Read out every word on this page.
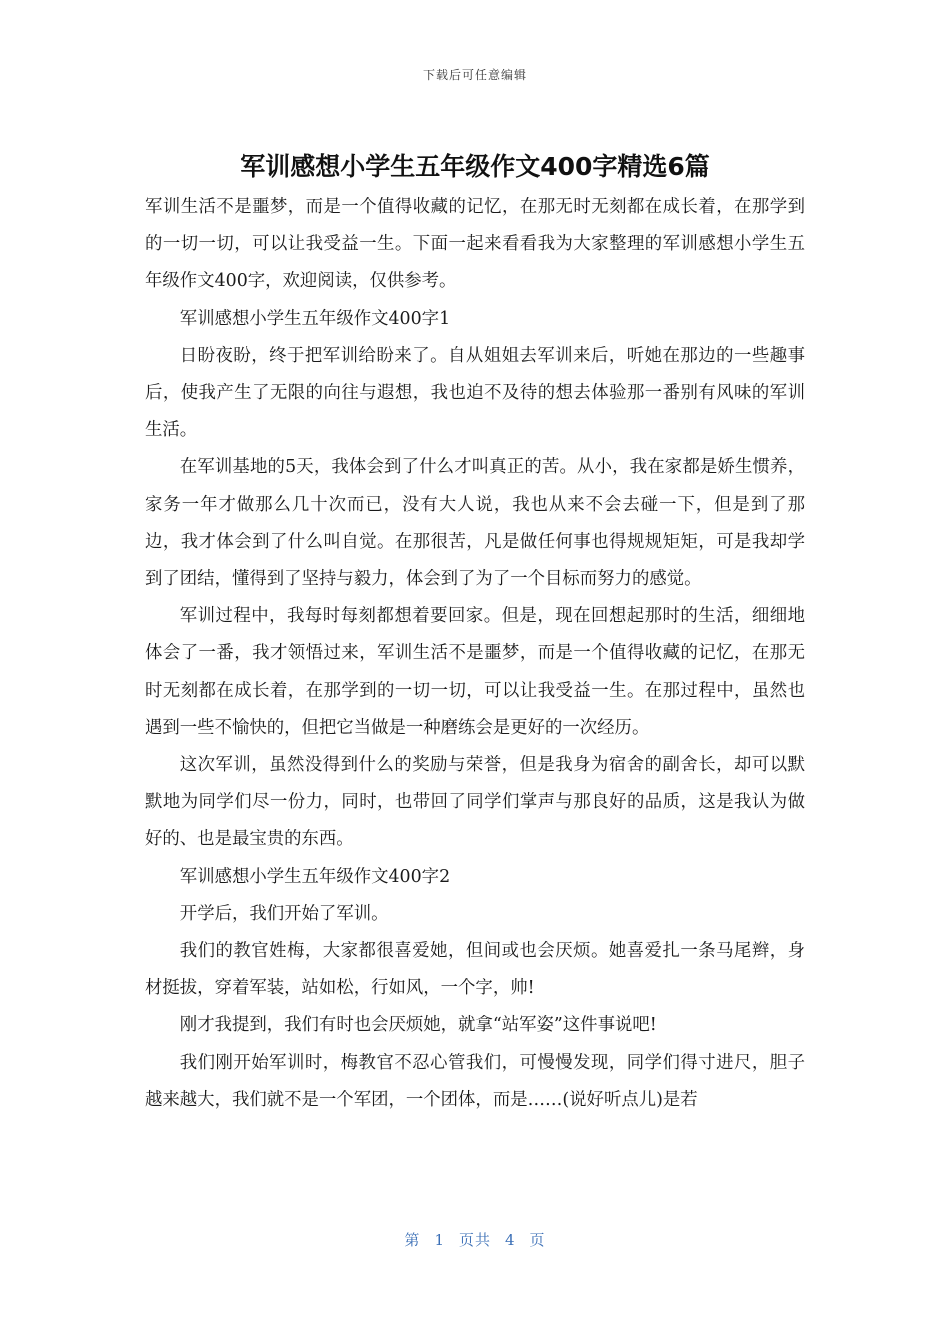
下载后可任意编辑
军训感想小学生五年级作文400字精选6篇

军训生活不是噩梦，而是一个值得收藏的记忆，在那无时无刻都在成长着，在那学到的一切一切，可以让我受益一生。下面一起来看看我为大家整理的军训感想小学生五年级作文400字，欢迎阅读，仅供参考。

军训感想小学生五年级作文400字1

日盼夜盼，终于把军训给盼来了。自从姐姐去军训来后，听她在那边的一些趣事后，使我产生了无限的向往与遐想，我也迫不及待的想去体验那一番别有风味的军训生活。

在军训基地的5天，我体会到了什么才叫真正的苦。从小，我在家都是娇生惯养，家务一年才做那么几十次而已，没有大人说，我也从来不会去碰一下，但是到了那边，我才体会到了什么叫自觉。在那很苦，凡是做任何事也得规规矩矩，可是我却学到了团结，懂得到了坚持与毅力，体会到了为了一个目标而努力的感觉。

军训过程中，我每时每刻都想着要回家。但是，现在回想起那时的生活，细细地体会了一番，我才领悟过来，军训生活不是噩梦，而是一个值得收藏的记忆，在那无时无刻都在成长着，在那学到的一切一切，可以让我受益一生。在那过程中，虽然也遇到一些不愉快的，但把它当做是一种磨练会是更好的一次经历。

这次军训，虽然没得到什么的奖励与荣誉，但是我身为宿舍的副舍长，却可以默默地为同学们尽一份力，同时，也带回了同学们掌声与那良好的品质，这是我认为做好的、也是最宝贵的东西。

军训感想小学生五年级作文400字2

开学后，我们开始了军训。

我们的教官姓梅，大家都很喜爱她，但间或也会厌烦。她喜爱扎一条马尾辫，身材挺拔，穿着军装，站如松，行如风，一个字，帅!

刚才我提到，我们有时也会厌烦她，就拿“站军姿”这件事说吧!

我们刚开始军训时，梅教官不忍心管我们，可慢慢发现，同学们得寸进尺，胆子越来越大，我们就不是一个军团，一个团体，而是……(说好听点儿)是若

第 1 页共 4 页
